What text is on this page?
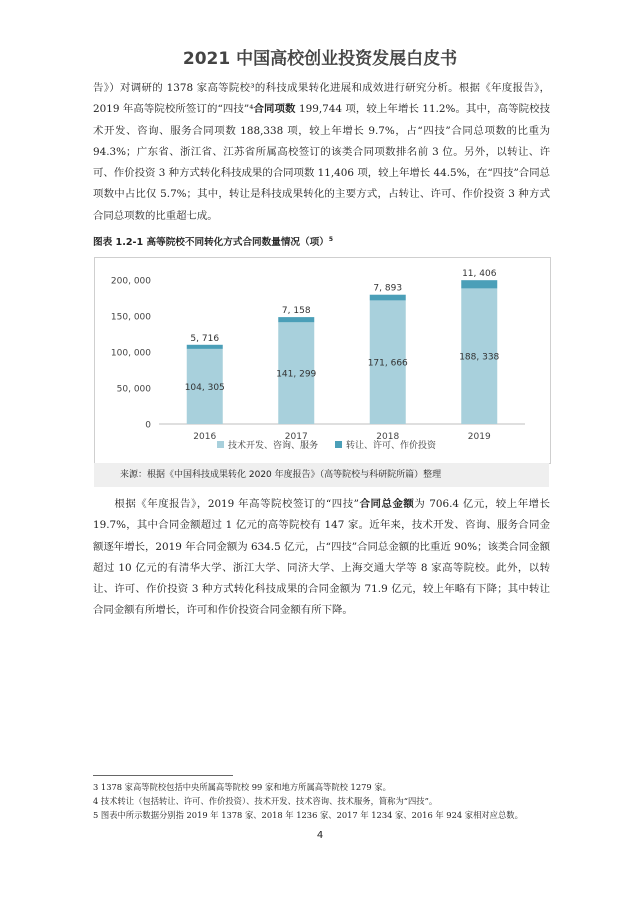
2021 中国高校创业投资发展白皮书

告》）对调研的 1378 家高等院校³的科技成果转化进展和成效进行研究分析。根据《年度报告》，2019 年高等院校所签订的“四技”⁴合同项数 199,744 项，较上年增长 11.2%。其中，高等院校技术开发、咨询、服务合同项数 188,338 项，较上年增长 9.7%，占“四技”合同总项数的比重为 94.3%；广东省、浙江省、江苏省所属高校签订的该类合同项数排名前 3 位。另外，以转让、许可、作价投资 3 种方式转化科技成果的合同项数 11,406 项，较上年增长 44.5%，在“四技”合同总项数中占比仅 5.7%；其中，转让是科技成果转化的主要方式，占转让、许可、作价投资 3 种方式合同总项数的比重超七成。

图表 1.2-1 高等院校不同转化方式合同数量情况（项）$^5$
0
50, 000
100, 000
150, 000
200, 000
104, 305
5, 716
2016
141, 299
7, 158
2017
171, 666
7, 893
2018
188, 338
11, 406
2019
技术开发、咨询、服务	转让、许可、作价投资
来源：根据《中国科技成果转化 2020 年度报告》（高等院校与科研院所篇）整理

  根据《年度报告》，2019 年高等院校签订的“四技”合同总金额为 706.4 亿元，较上年增长 19.7%，其中合同金额超过 1 亿元的高等院校有 147 家。近年来，技术开发、咨询、服务合同金额逐年增长，2019 年合同金额为 634.5 亿元，占“四技”合同总金额的比重近 90%；该类合同金额超过 10 亿元的有清华大学、浙江大学、同济大学、上海交通大学等 8 家高等院校。此外，以转让、许可、作价投资 3 种方式转化科技成果的合同金额为 71.9 亿元，较上年略有下降；其中转让合同金额有所增长，许可和作价投资合同金额有所下降。

3 1378 家高等院校包括中央所属高等院校 99 家和地方所属高等院校 1279 家。
4 技术转让（包括转让、许可、作价投资）、技术开发、技术咨询、技术服务，简称为“四技”。
5 图表中所示数据分别指 2019 年 1378 家、2018 年 1236 家、2017 年 1234 家、2016 年 924 家相对应总数。
4
